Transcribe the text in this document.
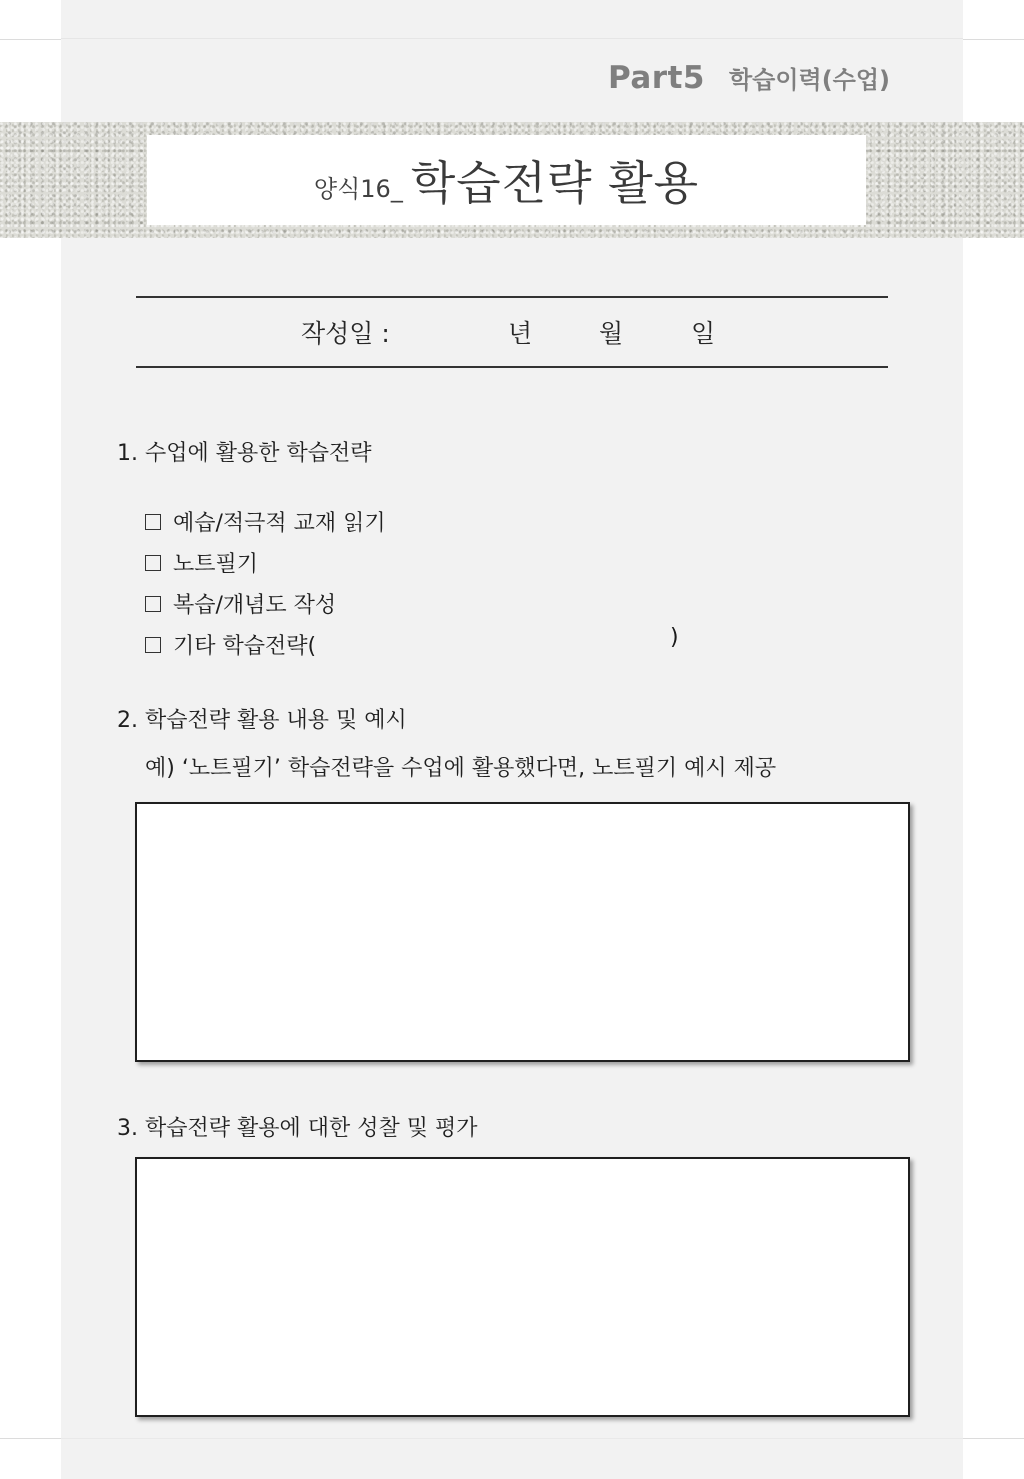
Part5 학습이력(수업)
양식16_ 학습전략 활용
작성일 :	년	월	일
1. 수업에 활용한 학습전략
예습/적극적 교재 읽기
노트필기
복습/개념도 작성
기타 학습전략(	)
2. 학습전략 활용 내용 및 예시
예) ‘노트필기’ 학습전략을 수업에 활용했다면, 노트필기 예시 제공
3. 학습전략 활용에 대한 성찰 및 평가
